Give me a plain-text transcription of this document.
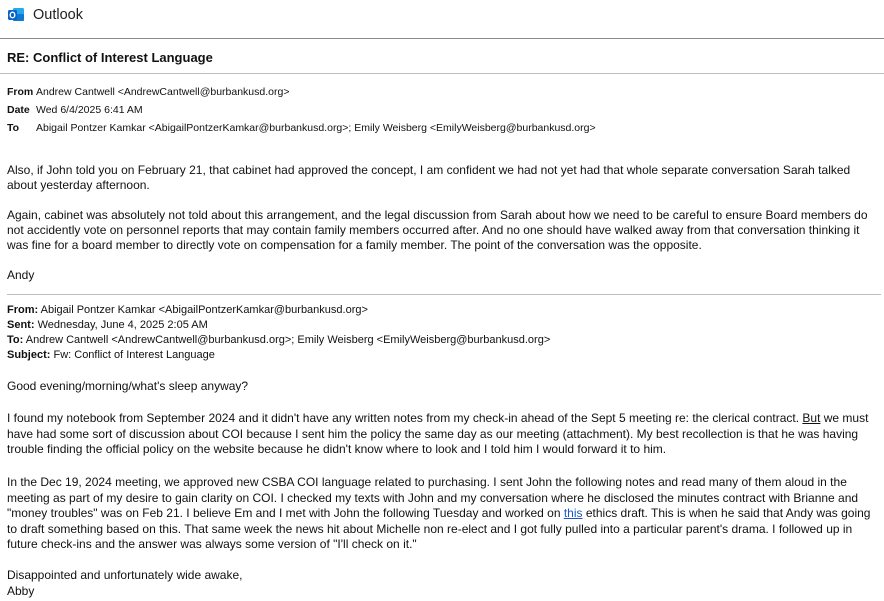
Outlook
RE: Conflict of Interest Language
From Andrew Cantwell <AndrewCantwell@burbankusd.org>
Date Wed 6/4/2025 6:41 AM
To Abigail Pontzer Kamkar <AbigailPontzerKamkar@burbankusd.org>; Emily Weisberg <EmilyWeisberg@burbankusd.org>

Also, if John told you on February 21, that cabinet had approved the concept, I am confident we had not yet had that whole separate conversation Sarah talked about yesterday afternoon.

Again, cabinet was absolutely not told about this arrangement, and the legal discussion from Sarah about how we need to be careful to ensure Board members do not accidently vote on personnel reports that may contain family members occurred after. And no one should have walked away from that conversation thinking it was fine for a board member to directly vote on compensation for a family member. The point of the conversation was the opposite.

Andy

From: Abigail Pontzer Kamkar <AbigailPontzerKamkar@burbankusd.org>
Sent: Wednesday, June 4, 2025 2:05 AM
To: Andrew Cantwell <AndrewCantwell@burbankusd.org>; Emily Weisberg <EmilyWeisberg@burbankusd.org>
Subject: Fw: Conflict of Interest Language

Good evening/morning/what's sleep anyway?

I found my notebook from September 2024 and it didn't have any written notes from my check-in ahead of the Sept 5 meeting re: the clerical contract. But we must have had some sort of discussion about COI because I sent him the policy the same day as our meeting (attachment). My best recollection is that he was having trouble finding the official policy on the website because he didn't know where to look and I told him I would forward it to him.

In the Dec 19, 2024 meeting, we approved new CSBA COI language related to purchasing. I sent John the following notes and read many of them aloud in the meeting as part of my desire to gain clarity on COI. I checked my texts with John and my conversation where he disclosed the minutes contract with Brianne and "money troubles" was on Feb 21. I believe Em and I met with John the following Tuesday and worked on this ethics draft. This is when he said that Andy was going to draft something based on this. That same week the news hit about Michelle non re-elect and I got fully pulled into a particular parent's drama. I followed up in future check-ins and the answer was always some version of "I'll check on it."

Disappointed and unfortunately wide awake,

Abby
